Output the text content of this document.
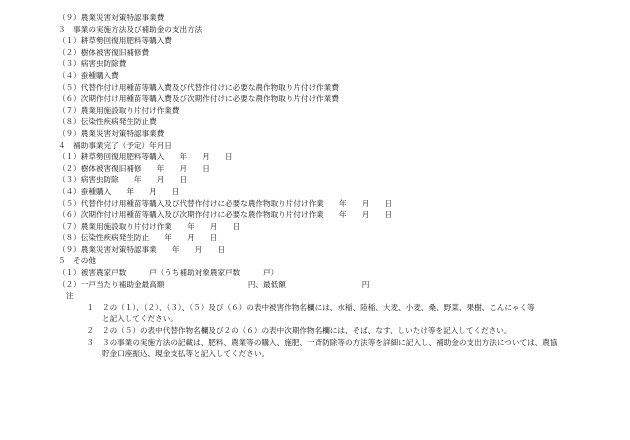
（９）農業災害対策特認事業費
３　事業の実施方法及び補助金の支出方法
（１）耕草勢回復用肥料等購入費
（２）樹体被害復旧補修費
（３）病害虫防除費
（４）蚕種購入費
（５）代替作付け用種苗等購入費及び代替作付けに必要な農作物取り片付け作業費
（６）次期作付け用種苗等購入費及び次期作付けに必要な農作物取り片付け作業費
（７）農業用施設取り片付け作業費
（８）伝染性疾病発生防止費
（９）農業災害対策特認事業費
４　補助事業完了（予定）年月日
（１）耕草勢回復用肥料等購入　　年　　月　　日
（２）樹体被害復旧補修　　年　　月　　日
（３）病害虫防除　　年　　月　　日
（４）蚕種購入　　年　　月　　日
（５）代替作付け用種苗等購入及び代替作付けに必要な農作物取り片付け作業　　年　　月　　日
（６）次期作付け用種苗等購入及び次期作付けに必要な農作物取り片付け作業　　年　　月　　日
（７）農業用施設取り片付け作業　　年　　月　　日
（８）伝染性疾病発生防止　　年　　月　　日
（９）農業災害対策特認事業　　年　　月　　日
５　その他
（１）被害農家戸数　　　戸（うち補助対象農家戸数　　　戸）
（２）一戸当たり補助金最高額　　　　　　　　　　　円、最低額　　　　　　　　　　円
注
１	２の（１）、（２）、（３）、（５）及び（６）の表中被害作物名欄には、水稲、陸稲、大麦、小麦、桑、野菜、果樹、こんにゃく等
と記入してください。
２	２の（５）の表中代替作物名欄及び２の（６）の表中次期作物名欄には、そば、なす、しいたけ等を記入してください。
３	３の事業の実施方法の記載は、肥料、農業等の購入、施肥、一斉防除等の方法等を詳細に記入し、補助金の支出方法については、農協
貯金口座振込、現金支払等と記入してください。
